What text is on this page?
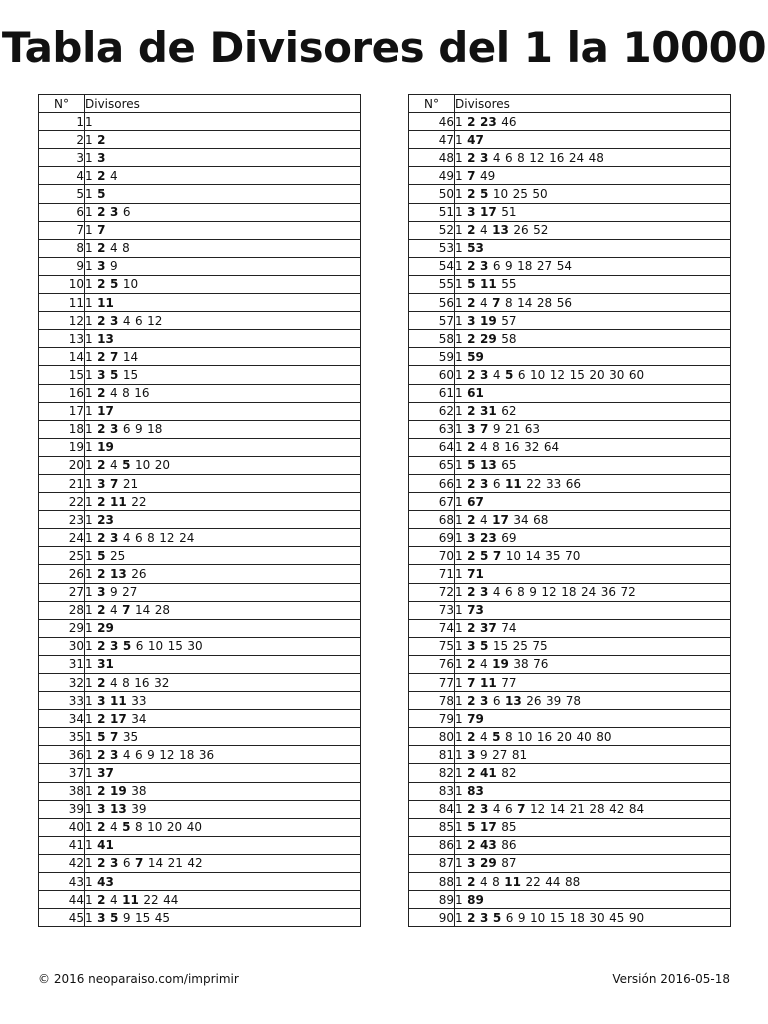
Tabla de Divisores del 1 la 10000
N°	Divisores
1	1
2	1 2
3	1 3
4	1 2 4
5	1 5
6	1 2 3 6
7	1 7
8	1 2 4 8
9	1 3 9
10	1 2 5 10
11	1 11
12	1 2 3 4 6 12
13	1 13
14	1 2 7 14
15	1 3 5 15
16	1 2 4 8 16
17	1 17
18	1 2 3 6 9 18
19	1 19
20	1 2 4 5 10 20
21	1 3 7 21
22	1 2 11 22
23	1 23
24	1 2 3 4 6 8 12 24
25	1 5 25
26	1 2 13 26
27	1 3 9 27
28	1 2 4 7 14 28
29	1 29
30	1 2 3 5 6 10 15 30
31	1 31
32	1 2 4 8 16 32
33	1 3 11 33
34	1 2 17 34
35	1 5 7 35
36	1 2 3 4 6 9 12 18 36
37	1 37
38	1 2 19 38
39	1 3 13 39
40	1 2 4 5 8 10 20 40
41	1 41
42	1 2 3 6 7 14 21 42
43	1 43
44	1 2 4 11 22 44
45	1 3 5 9 15 45
N°	Divisores
46	1 2 23 46
47	1 47
48	1 2 3 4 6 8 12 16 24 48
49	1 7 49
50	1 2 5 10 25 50
51	1 3 17 51
52	1 2 4 13 26 52
53	1 53
54	1 2 3 6 9 18 27 54
55	1 5 11 55
56	1 2 4 7 8 14 28 56
57	1 3 19 57
58	1 2 29 58
59	1 59
60	1 2 3 4 5 6 10 12 15 20 30 60
61	1 61
62	1 2 31 62
63	1 3 7 9 21 63
64	1 2 4 8 16 32 64
65	1 5 13 65
66	1 2 3 6 11 22 33 66
67	1 67
68	1 2 4 17 34 68
69	1 3 23 69
70	1 2 5 7 10 14 35 70
71	1 71
72	1 2 3 4 6 8 9 12 18 24 36 72
73	1 73
74	1 2 37 74
75	1 3 5 15 25 75
76	1 2 4 19 38 76
77	1 7 11 77
78	1 2 3 6 13 26 39 78
79	1 79
80	1 2 4 5 8 10 16 20 40 80
81	1 3 9 27 81
82	1 2 41 82
83	1 83
84	1 2 3 4 6 7 12 14 21 28 42 84
85	1 5 17 85
86	1 2 43 86
87	1 3 29 87
88	1 2 4 8 11 22 44 88
89	1 89
90	1 2 3 5 6 9 10 15 18 30 45 90
© 2016 neoparaiso.com/imprimir	Versión 2016-05-18
